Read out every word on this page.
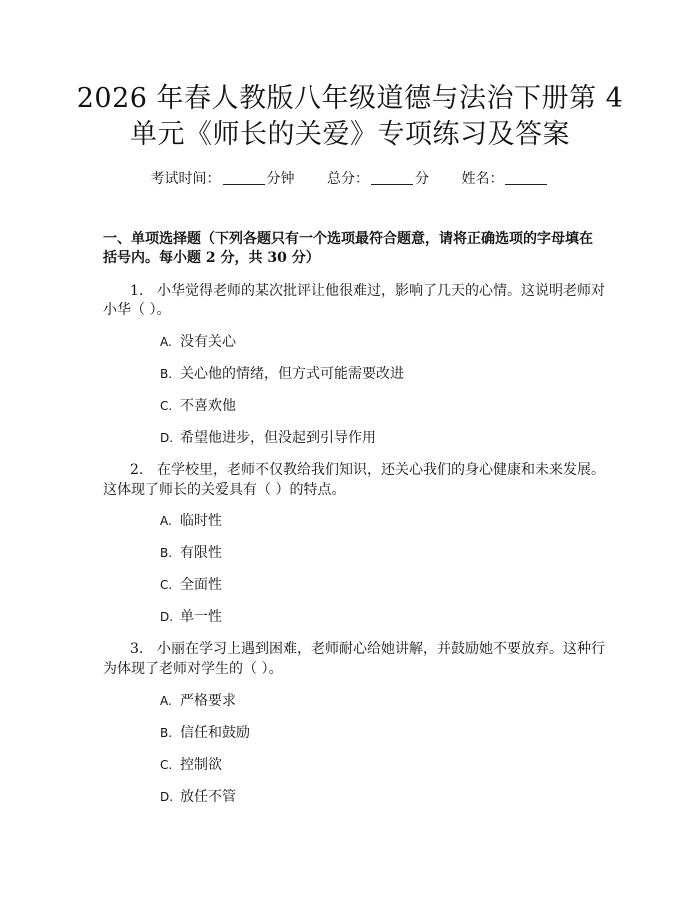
2026 年春人教版八年级道德与法治下册第 4
单元《师长的关爱》专项练习及答案
考试时间：	分钟 总分：	分 姓名：
一、单项选择题（下列各题只有一个选项最符合题意，请将正确选项的字母填在
括号内。每小题 2 分，共 30 分）
1. 小华觉得老师的某次批评让他很难过，影响了几天的心情。这说明老师对
小华（ ）。
A. 没有关心
B. 关心他的情绪，但方式可能需要改进
C. 不喜欢他
D. 希望他进步，但没起到引导作用
2. 在学校里，老师不仅教给我们知识，还关心我们的身心健康和未来发展。
这体现了师长的关爱具有（ ）的特点。
A. 临时性
B. 有限性
C. 全面性
D. 单一性
3. 小丽在学习上遇到困难，老师耐心给她讲解，并鼓励她不要放弃。这种行
为体现了老师对学生的（ ）。
A. 严格要求
B. 信任和鼓励
C. 控制欲
D. 放任不管
